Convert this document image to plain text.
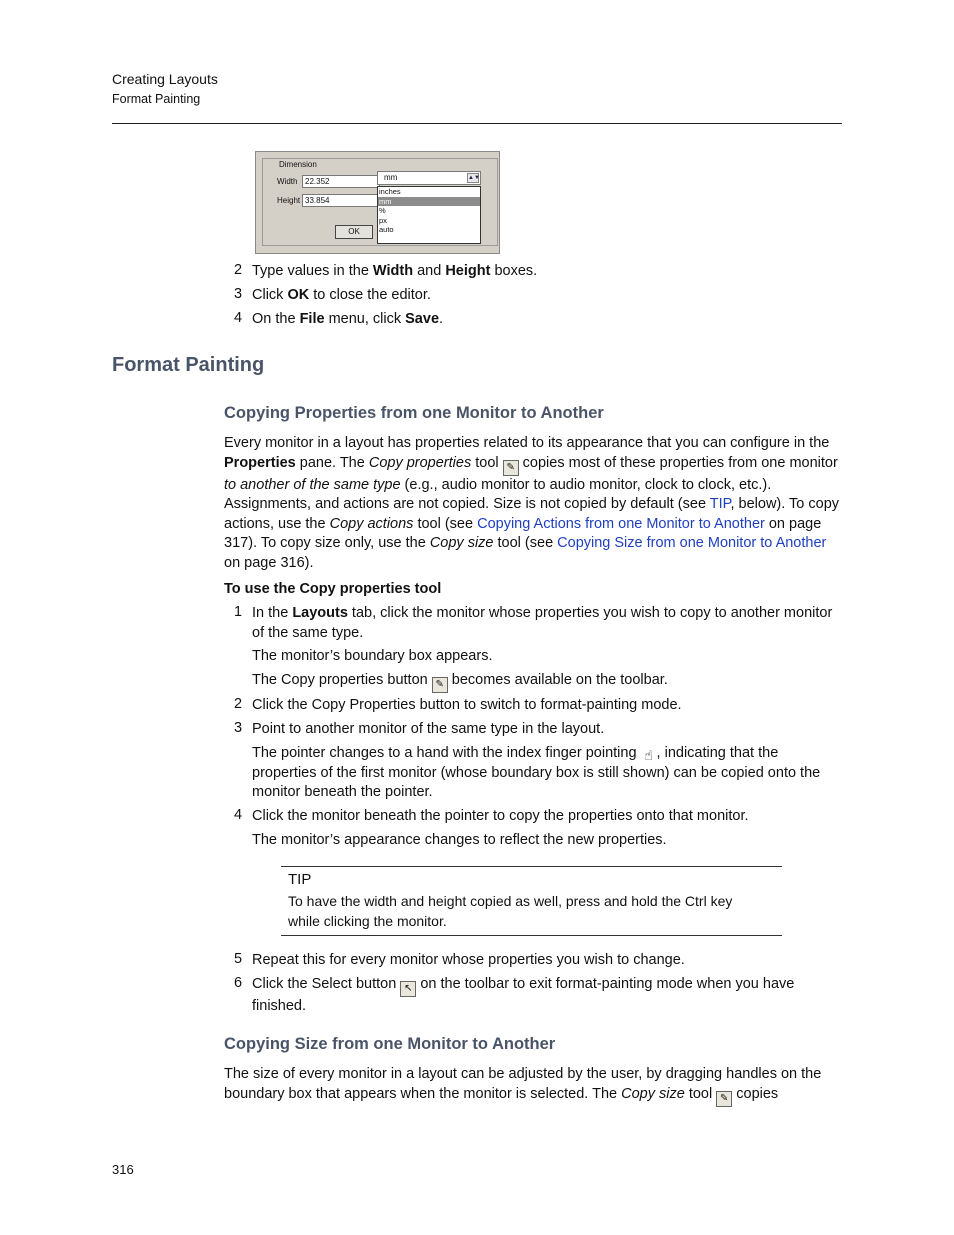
Creating Layouts
Format Painting
Dimension
Width 22.352
Height 33.854
mm	▲▼
inches
mm
%
px
auto
OK
2 Type values in the Width and Height boxes.
3 Click OK to close the editor.
4 On the File menu, click Save.
Format Painting
Copying Properties from one Monitor to Another
Every monitor in a layout has properties related to its appearance that you can configure in the Properties pane. The Copy properties tool ✎ copies most of these properties from one monitor to another of the same type (e.g., audio monitor to audio monitor, clock to clock, etc.). Assignments, and actions are not copied. Size is not copied by default (see TIP, below). To copy actions, use the Copy actions tool (see Copying Actions from one Monitor to Another on page 317). To copy size only, use the Copy size tool (see Copying Size from one Monitor to Another on page 316).
To use the Copy properties tool
1 In the Layouts tab, click the monitor whose properties you wish to copy to another monitor of the same type.
The monitor’s boundary box appears.
The Copy properties button ✎ becomes available on the toolbar.
2 Click the Copy Properties button to switch to format-painting mode.
3 Point to another monitor of the same type in the layout.
The pointer changes to a hand with the index finger pointing ☝ , indicating that the properties of the first monitor (whose boundary box is still shown) can be copied onto the monitor beneath the pointer.
4 Click the monitor beneath the pointer to copy the properties onto that monitor.
The monitor’s appearance changes to reflect the new properties.
TIP
To have the width and height copied as well, press and hold the Ctrl key while clicking the monitor.
5 Repeat this for every monitor whose properties you wish to change.
6 Click the Select button ↖ on the toolbar to exit format-painting mode when you have finished.
Copying Size from one Monitor to Another
The size of every monitor in a layout can be adjusted by the user, by dragging handles on the boundary box that appears when the monitor is selected. The Copy size tool ✎ copies
316
